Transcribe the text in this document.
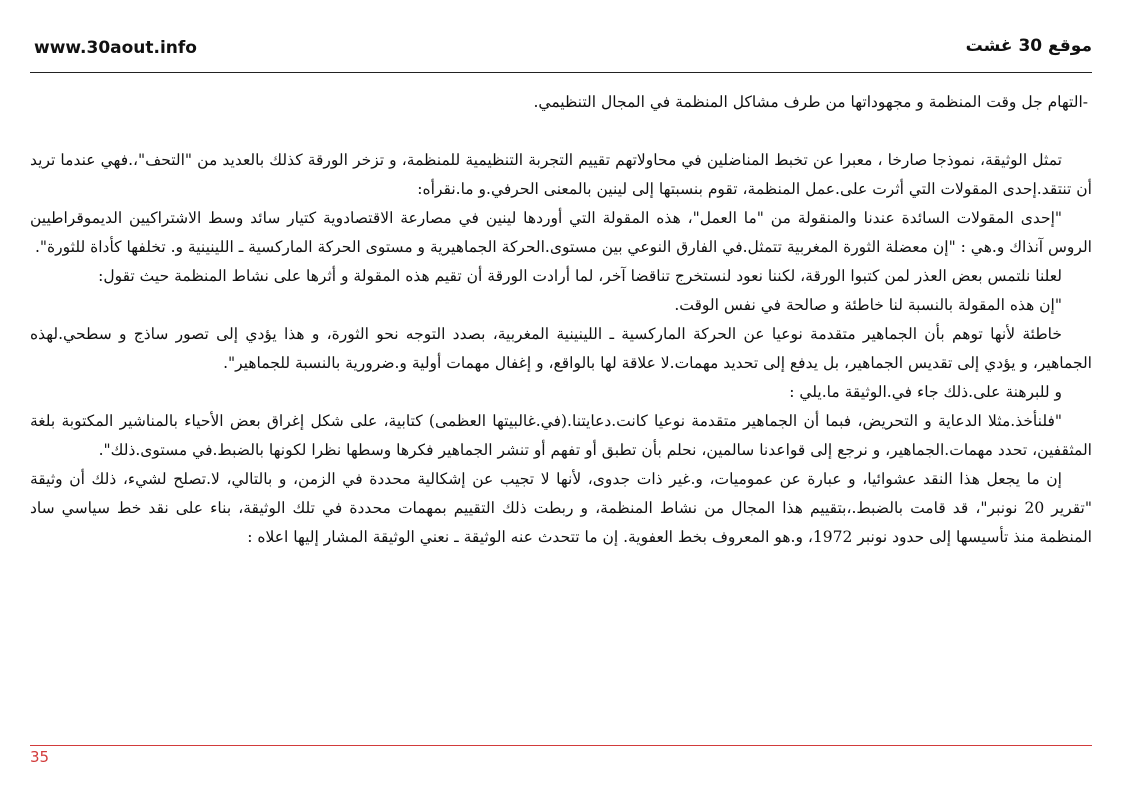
www.30aout.info	موقع 30 غشت

-التهام جل وقت المنظمة و مجهوداتها من طرف مشاكل المنظمة في المجال التنظيمي.

تمثل الوثيقة، نموذجا صارخا ، معبرا عن تخبط المناضلين في محاولاتهم تقييم التجربة التنظيمية للمنظمة، و تزخر الورقة كذلك بالعديد من "التحف"،.فهي عندما تريد أن تنتقد.إحدى المقولات التي أثرت على.عمل المنظمة، تقوم بنسبتها إلى لينين بالمعنى الحرفي.و ما.نقرأه:

"إحدى المقولات السائدة عندنا والمنقولة من "ما العمل"، هذه المقولة التي أوردها لينين في مصارعة الاقتصادوية كتيار سائد وسط الاشتراكيين الديموقراطيين الروس آنذاك و.هي : "إن معضلة الثورة المغربية تتمثل.في الفارق النوعي بين مستوى.الحركة الجماهيرية و مستوى الحركة الماركسية ـ اللينينية و. تخلفها كأداة للثورة".

لعلنا نلتمس بعض العذر لمن كتبوا الورقة، لكننا نعود لنستخرج تناقضا آخر، لما أرادت الورقة أن تقيم هذه المقولة و أثرها على نشاط المنظمة حيث تقول:

"إن هذه المقولة بالنسبة لنا خاطئة و صالحة في نفس الوقت.

خاطئة لأنها توهم بأن الجماهير متقدمة نوعيا عن الحركة الماركسية ـ اللينينية المغربية، بصدد التوجه نحو الثورة، و هذا يؤدي إلى تصور ساذج و سطحي.لهذه الجماهير، و يؤدي إلى تقديس الجماهير، بل يدفع إلى تحديد مهمات.لا علاقة لها بالواقع، و إغفال مهمات أولية و.ضرورية بالنسبة للجماهير".

و للبرهنة على.ذلك جاء في.الوثيقة ما.يلي :

"فلنأخذ.مثلا الدعاية و التحريض، فبما أن الجماهير متقدمة نوعيا كانت.دعايتنا.(في.غالبيتها العظمى) كتابية، على شكل إغراق بعض الأحياء بالمناشير المكتوبة بلغة المثقفين، تحدد مهمات.الجماهير، و نرجع إلى قواعدنا سالمين، نحلم بأن تطبق أو تفهم أو تنشر الجماهير فكرها وسطها نظرا لكونها بالضبط.في مستوى.ذلك".

إن ما يجعل هذا النقد عشوائيا، و عبارة عن عموميات، و.غير ذات جدوى، لأنها لا تجيب عن إشكالية محددة في الزمن، و بالتالي، لا.تصلح لشيء، ذلك أن وثيقة "تقرير 20 نونبر"، قد قامت بالضبط.،بتقييم هذا المجال من نشاط المنظمة، و ربطت ذلك التقييم بمهمات محددة في تلك الوثيقة، بناء على نقد خط سياسي ساد المنظمة منذ تأسيسها إلى حدود نونبر 1972، و.هو المعروف بخط العفوية. إن ما تتحدث عنه الوثيقة ـ نعني الوثيقة المشار إليها اعلاه :

35
